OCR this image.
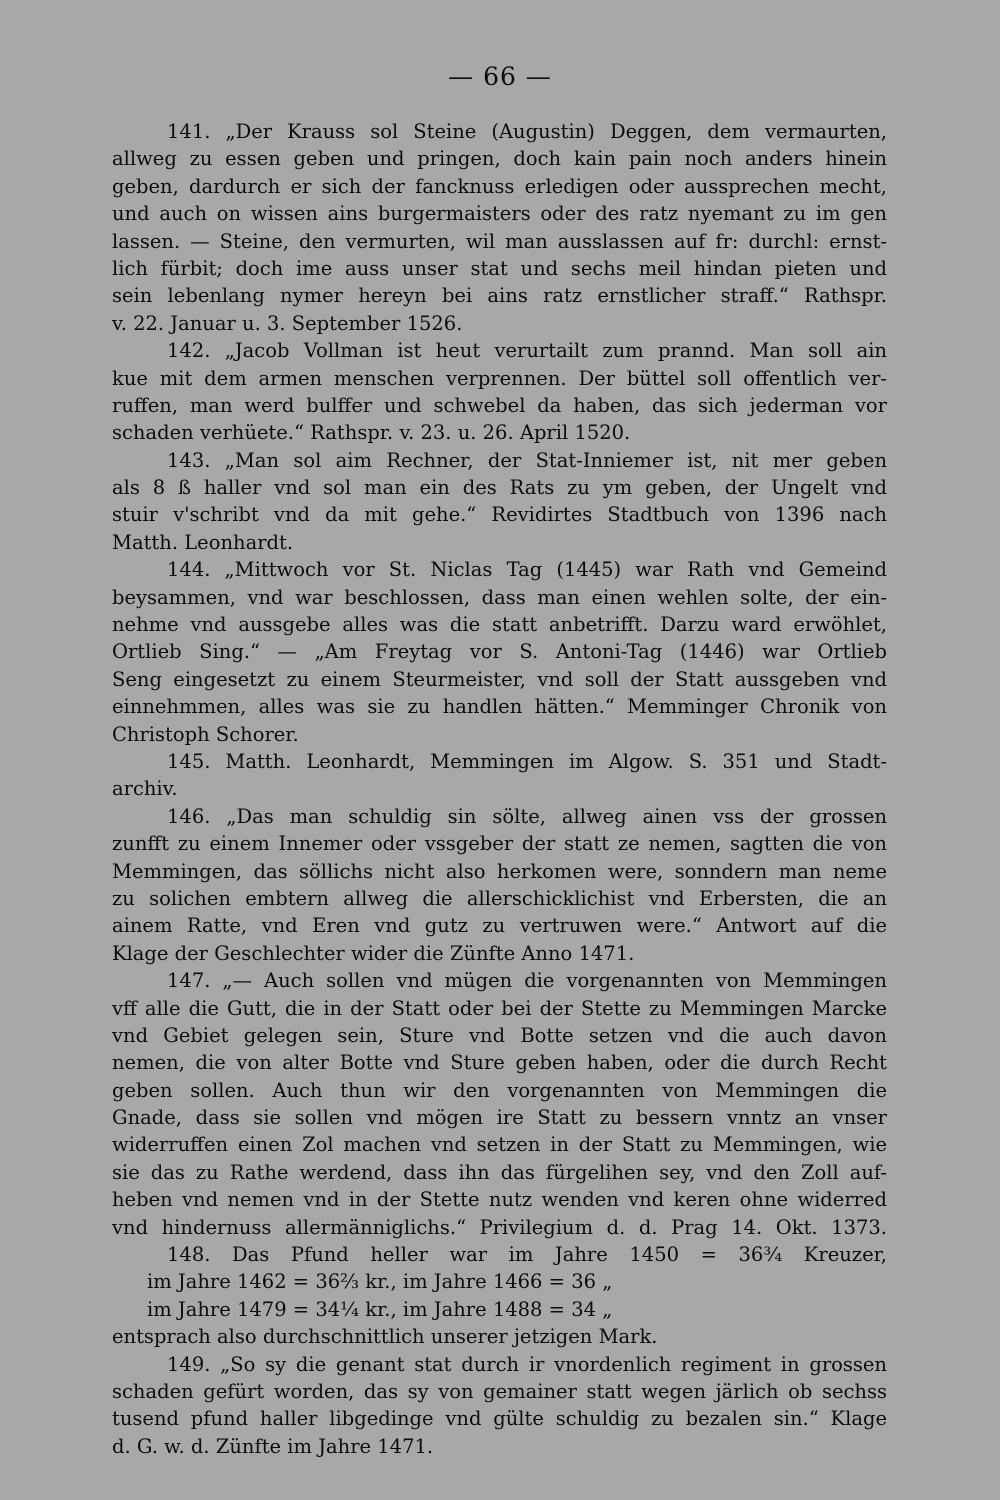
— 66 —
141. „Der Krauss sol Steine (Augustin) Deggen, dem vermaurten,
allweg zu essen geben und pringen, doch kain pain noch anders hinein
geben, dardurch er sich der fancknuss erledigen oder aussprechen mecht,
und auch on wissen ains burgermaisters oder des ratz nyemant zu im gen
lassen. — Steine, den vermurten, wil man ausslassen auf fr: durchl: ernst-
lich fürbit; doch ime auss unser stat und sechs meil hindan pieten und
sein lebenlang nymer hereyn bei ains ratz ernstlicher straff.“ Rathspr.
v. 22. Januar u. 3. September 1526.
142. „Jacob Vollman ist heut verurtailt zum prannd. Man soll ain
kue mit dem armen menschen verprennen. Der büttel soll offentlich ver-
ruffen, man werd bulffer und schwebel da haben, das sich jederman vor
schaden verhüete.“ Rathspr. v. 23. u. 26. April 1520.
143. „Man sol aim Rechner, der Stat-Inniemer ist, nit mer geben
als 8 ß haller vnd sol man ein des Rats zu ym geben, der Ungelt vnd
stuir v'schribt vnd da mit gehe.“ Revidirtes Stadtbuch von 1396 nach
Matth. Leonhardt.
144. „Mittwoch vor St. Niclas Tag (1445) war Rath vnd Gemeind
beysammen, vnd war beschlossen, dass man einen wehlen solte, der ein-
nehme vnd aussgebe alles was die statt anbetrifft. Darzu ward erwöhlet,
Ortlieb Sing.“ — „Am Freytag vor S. Antoni-Tag (1446) war Ortlieb
Seng eingesetzt zu einem Steurmeister, vnd soll der Statt aussgeben vnd
einnehmmen, alles was sie zu handlen hätten.“ Memminger Chronik von
Christoph Schorer.
145. Matth. Leonhardt, Memmingen im Algow. S. 351 und Stadt-
archiv.
146. „Das man schuldig sin sölte, allweg ainen vss der grossen
zunfft zu einem Innemer oder vssgeber der statt ze nemen, sagtten die von
Memmingen, das söllichs nicht also herkomen were, sonndern man neme
zu solichen embtern allweg die allerschicklichist vnd Erbersten, die an
ainem Ratte, vnd Eren vnd gutz zu vertruwen were.“ Antwort auf die
Klage der Geschlechter wider die Zünfte Anno 1471.
147. „— Auch sollen vnd mügen die vorgenannten von Memmingen
vff alle die Gutt, die in der Statt oder bei der Stette zu Memmingen Marcke
vnd Gebiet gelegen sein, Sture vnd Botte setzen vnd die auch davon
nemen, die von alter Botte vnd Sture geben haben, oder die durch Recht
geben sollen. Auch thun wir den vorgenannten von Memmingen die
Gnade, dass sie sollen vnd mögen ire Statt zu bessern vnntz an vnser
widerruffen einen Zol machen vnd setzen in der Statt zu Memmingen, wie
sie das zu Rathe werdend, dass ihn das fürgelihen sey, vnd den Zoll auf-
heben vnd nemen vnd in der Stette nutz wenden vnd keren ohne widerred
vnd hindernuss allermänniglichs.“ Privilegium d. d. Prag 14. Okt. 1373.
148. Das Pfund heller war im Jahre 1450 = 36¾ Kreuzer,
im Jahre 1462 = 36⅔ kr., im Jahre 1466 = 36 „
im Jahre 1479 = 34¼ kr., im Jahre 1488 = 34 „
entsprach also durchschnittlich unserer jetzigen Mark.
149. „So sy die genant stat durch ir vnordenlich regiment in grossen
schaden gefürt worden, das sy von gemainer statt wegen järlich ob sechss
tusend pfund haller libgedinge vnd gülte schuldig zu bezalen sin.“ Klage
d. G. w. d. Zünfte im Jahre 1471.
